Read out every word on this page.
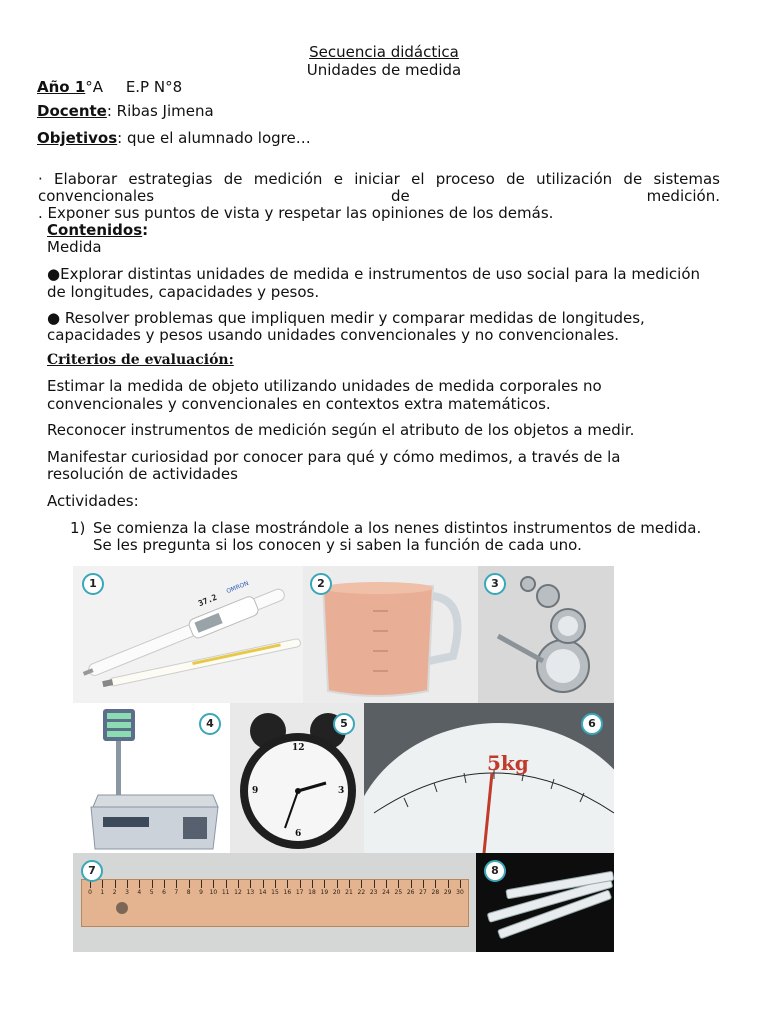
Secuencia didáctica
Unidades de medida
Año 1°A E.P N°8
Docente: Ribas Jimena
Objetivos: que el alumnado logre…
· Elaborar estrategias de medición e iniciar el proceso de utilización de sistemas
convencionales	de	medición.
. Exponer sus puntos de vista y respetar las opiniones de los demás.
Contenidos:
Medida
●Explorar distintas unidades de medida e instrumentos de uso social para la medición
de longitudes, capacidades y pesos.
● Resolver problemas que impliquen medir y comparar medidas de longitudes,
capacidades y pesos usando unidades convencionales y no convencionales.
Criterios de evaluación:
Estimar la medida de objeto utilizando unidades de medida corporales no
convencionales y convencionales en contextos extra matemáticos.
Reconocer instrumentos de medición según el atributo de los objetos a medir.
Manifestar curiosidad por conocer para qué y cómo medimos, a través de la
resolución de actividades
Actividades:
1) Se comienza la clase mostrándole a los nenes distintos instrumentos de medida.
Se les pregunta si los conocen y si saben la función de cada uno.
37.2
OMRON
1	2	3
4
12
3
6
9
5
5kg
6
0 1 2 3 4 5 6 7 8 9 10 11 12 13 14 15 16 17 18 19 20 21 22 23 24 25 26 27 28 29 30
7	8
